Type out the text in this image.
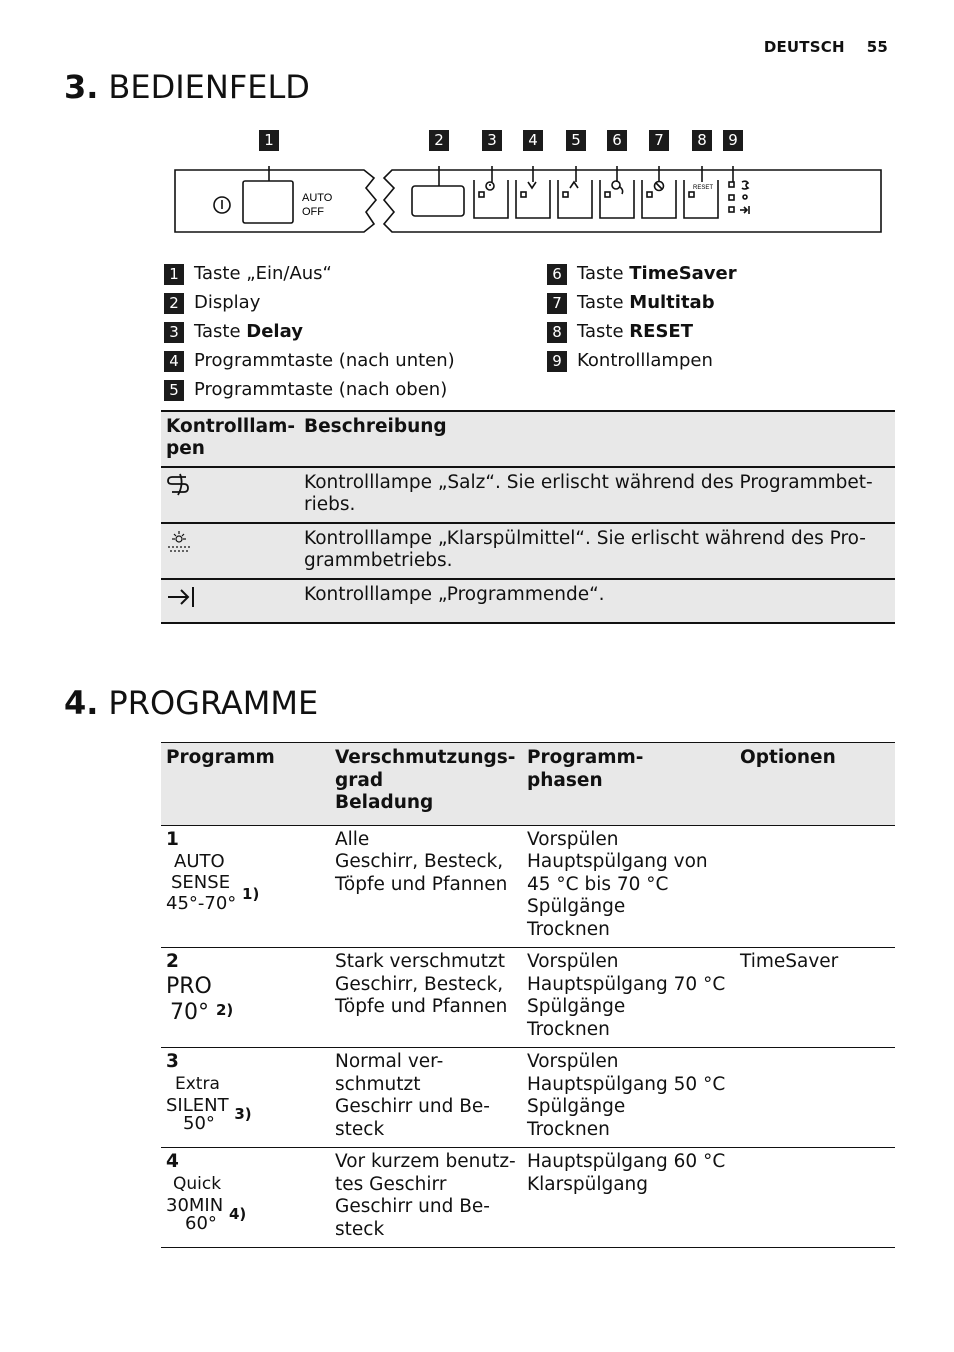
DEUTSCH 55
3. BEDIENFELD
1	2	3	4	5	6	7	8	9
AUTO
OFF
RESET
1 Taste „Ein/Aus“
2 Display
3 Taste Delay
4 Programmtaste (nach unten)
5 Programmtaste (nach oben)
6 Taste TimeSaver
7 Taste Multitab
8 Taste RESET
9 Kontrolllampen
Kontrolllam-
pen	Beschreibung
	Kontrolllampe „Salz“. Sie erlischt während des Programmbet-
riebs.
	Kontrolllampe „Klarspülmittel“. Sie erlischt während des Pro-
grammbetriebs.
	Kontrolllampe „Programmende“.
4. PROGRAMME
Programm	Verschmutzungs-
grad
Beladung	Programm-
phasen	Optionen

1
AUTO
SENSE
45°-70° $^{1)}$	Alle
Geschirr, Besteck,
Töpfe und Pfannen	Vorspülen
Hauptspülgang von
45 °C bis 70 °C
Spülgänge
Trocknen	

2
PRO
70° 2)	Stark verschmutzt
Geschirr, Besteck,
Töpfe und Pfannen	Vorspülen
Hauptspülgang 70 °C
Spülgänge
Trocknen	TimeSaver

3
Extra
SILENT $_{3)}$
50°	Normal ver-
schmutzt
Geschirr und Be-
steck	Vorspülen
Hauptspülgang 50 °C
Spülgänge
Trocknen	

4
Quick
30MIN $_{4)}$
60°	Vor kurzem benutz-
tes Geschirr
Geschirr und Be-
steck	Hauptspülgang 60 °C
Klarspülgang	
